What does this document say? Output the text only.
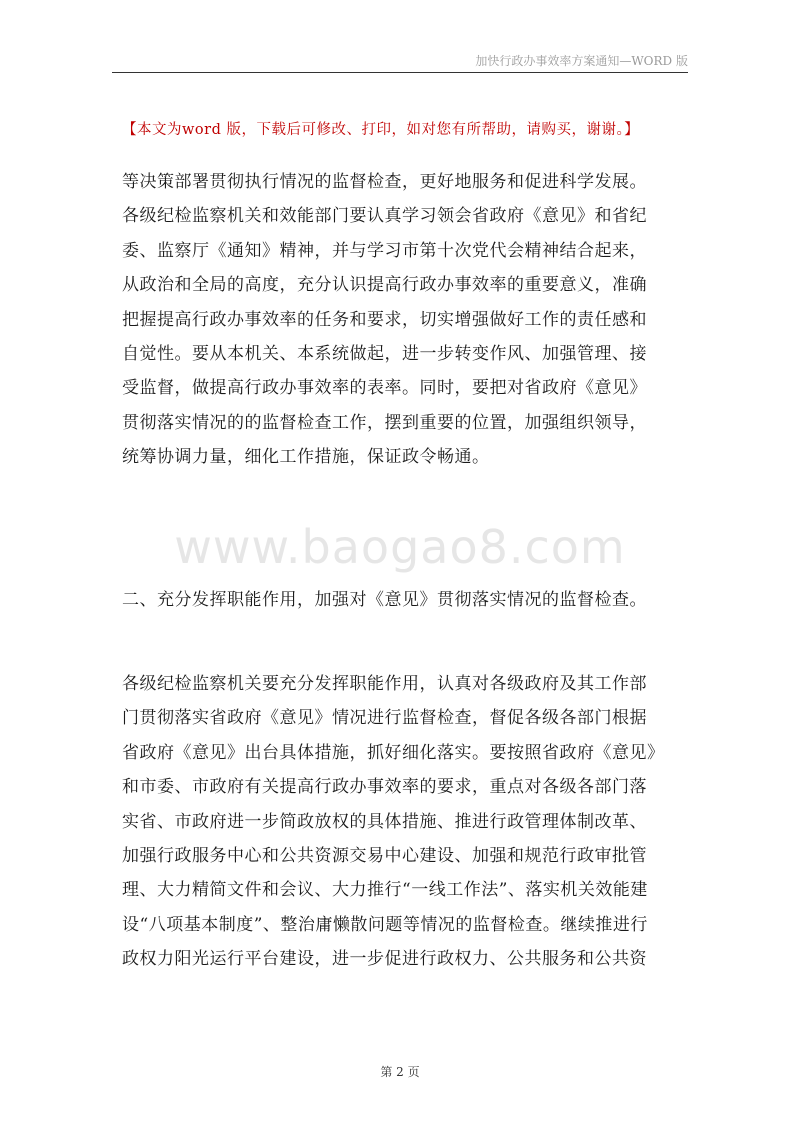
加快行政办事效率方案通知—WORD 版
【本文为word 版，下载后可修改、打印，如对您有所帮助，请购买，谢谢。】
等决策部署贯彻执行情况的监督检查，更好地服务和促进科学发展。
各级纪检监察机关和效能部门要认真学习领会省政府《意见》和省纪
委、监察厅《通知》精神，并与学习市第十次党代会精神结合起来，
从政治和全局的高度，充分认识提高行政办事效率的重要意义，准确
把握提高行政办事效率的任务和要求，切实增强做好工作的责任感和
自觉性。要从本机关、本系统做起，进一步转变作风、加强管理、接
受监督，做提高行政办事效率的表率。同时，要把对省政府《意见》
贯彻落实情况的的监督检查工作，摆到重要的位置，加强组织领导，
统筹协调力量，细化工作措施，保证政令畅通。
www.baogao8.com
二、充分发挥职能作用，加强对《意见》贯彻落实情况的监督检查。
各级纪检监察机关要充分发挥职能作用，认真对各级政府及其工作部
门贯彻落实省政府《意见》情况进行监督检查，督促各级各部门根据
省政府《意见》出台具体措施，抓好细化落实。要按照省政府《意见》
和市委、市政府有关提高行政办事效率的要求，重点对各级各部门落
实省、市政府进一步简政放权的具体措施、推进行政管理体制改革、
加强行政服务中心和公共资源交易中心建设、加强和规范行政审批管
理、大力精简文件和会议、大力推行“一线工作法”、落实机关效能建
设“八项基本制度”、整治庸懒散问题等情况的监督检查。继续推进行
政权力阳光运行平台建设，进一步促进行政权力、公共服务和公共资
第 2 页
